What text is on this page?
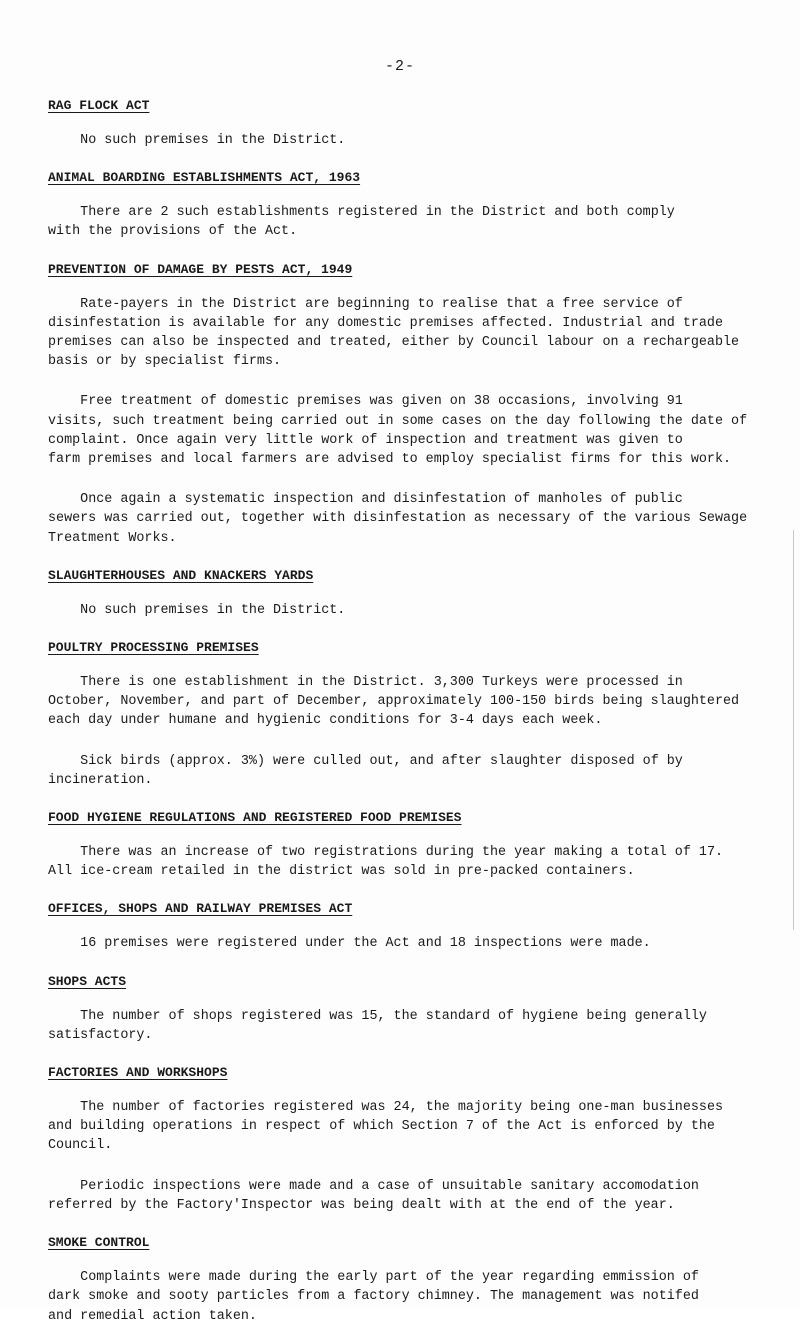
-2-
RAG FLOCK ACT

No such premises in the District.

ANIMAL BOARDING ESTABLISHMENTS ACT, 1963

There are 2 such establishments registered in the District and both comply
with the provisions of the Act.

PREVENTION OF DAMAGE BY PESTS ACT, 1949

Rate-payers in the District are beginning to realise that a free service of
disinfestation is available for any domestic premises affected. Industrial and trade
premises can also be inspected and treated, either by Council labour on a rechargeable
basis or by specialist firms.

Free treatment of domestic premises was given on 38 occasions, involving 91
visits, such treatment being carried out in some cases on the day following the date of
complaint. Once again very little work of inspection and treatment was given to
farm premises and local farmers are advised to employ specialist firms for this work.

Once again a systematic inspection and disinfestation of manholes of public
sewers was carried out, together with disinfestation as necessary of the various Sewage
Treatment Works.

SLAUGHTERHOUSES AND KNACKERS YARDS

No such premises in the District.

POULTRY PROCESSING PREMISES

There is one establishment in the District. 3,300 Turkeys were processed in
October, November, and part of December, approximately 100-150 birds being slaughtered
each day under humane and hygienic conditions for 3-4 days each week.

Sick birds (approx. 3%) were culled out, and after slaughter disposed of by
incineration.

FOOD HYGIENE REGULATIONS AND REGISTERED FOOD PREMISES

There was an increase of two registrations during the year making a total of 17.
All ice-cream retailed in the district was sold in pre-packed containers.

OFFICES, SHOPS AND RAILWAY PREMISES ACT

16 premises were registered under the Act and 18 inspections were made.

SHOPS ACTS

The number of shops registered was 15, the standard of hygiene being generally
satisfactory.

FACTORIES AND WORKSHOPS

The number of factories registered was 24, the majority being one-man businesses
and building operations in respect of which Section 7 of the Act is enforced by the
Council.

Periodic inspections were made and a case of unsuitable sanitary accomodation
referred by the Factory'Inspector was being dealt with at the end of the year.

SMOKE CONTROL

Complaints were made during the early part of the year regarding emmission of
dark smoke and sooty particles from a factory chimney. The management was notifed
and remedial action taken.
